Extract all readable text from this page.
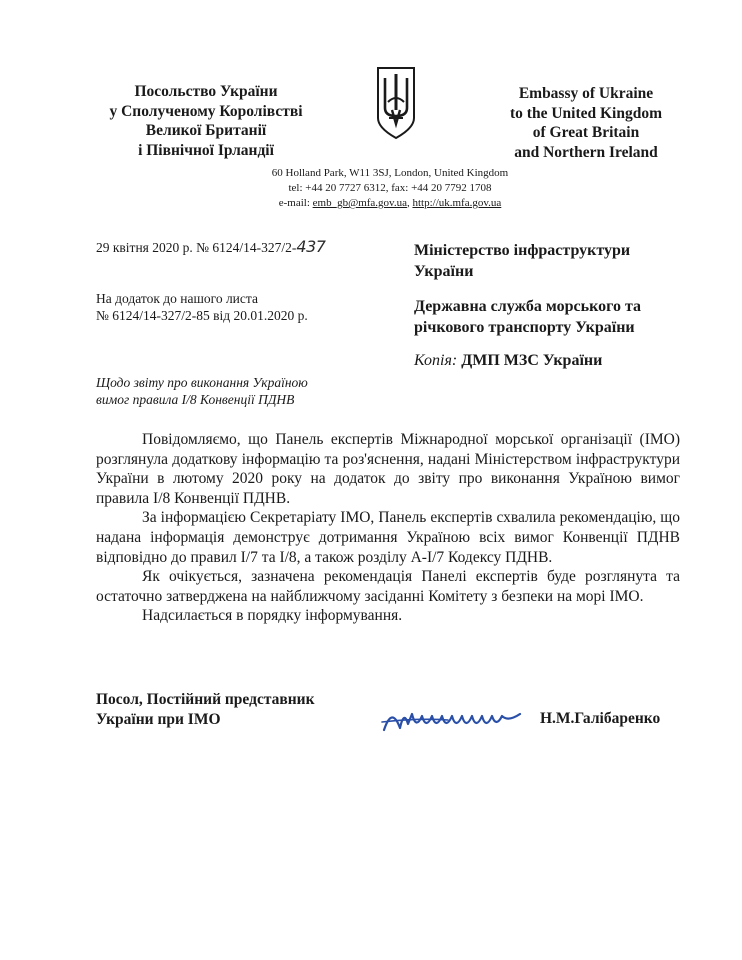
Посольство України
у Сполученому Королівстві
Великої Британії
і Північної Ірландії
Embassy of Ukraine
to the United Kingdom
of Great Britain
and Northern Ireland
60 Holland Park, W11 3SJ, London, United Kingdom
tel: +44 20 7727 6312, fax: +44 20 7792 1708
e-mail: emb_gb@mfa.gov.ua, http://uk.mfa.gov.ua
29 квітня 2020 р. № 6124/14-327/2-437
На додаток до нашого листа
№ 6124/14-327/2-85 від 20.01.2020 р.
Щодо звіту про виконання Україною
вимог правила І/8 Конвенції ПДНВ
Міністерство інфраструктури
України
Державна служба морського та
річкового транспорту України
Копія: ДМП МЗС України

Повідомляємо, що Панель експертів Міжнародної морської організації (ІМО) розглянула додаткову інформацію та роз'яснення, надані Міністерством інфраструктури України в лютому 2020 року на додаток до звіту про виконання Україною вимог правила І/8 Конвенції ПДНВ.

За інформацією Секретаріату ІМО, Панель експертів схвалила рекомендацію, що надана інформація демонструє дотримання Україною всіх вимог Конвенції ПДНВ відповідно до правил І/7 та І/8, а також розділу А-І/7 Кодексу ПДНВ.

Як очікується, зазначена рекомендація Панелі експертів буде розглянута та остаточно затверджена на найближчому засіданні Комітету з безпеки на морі ІМО.

Надсилається в порядку інформування.

Посол, Постійний представник
України при ІМО	Н.М.Галібаренко
